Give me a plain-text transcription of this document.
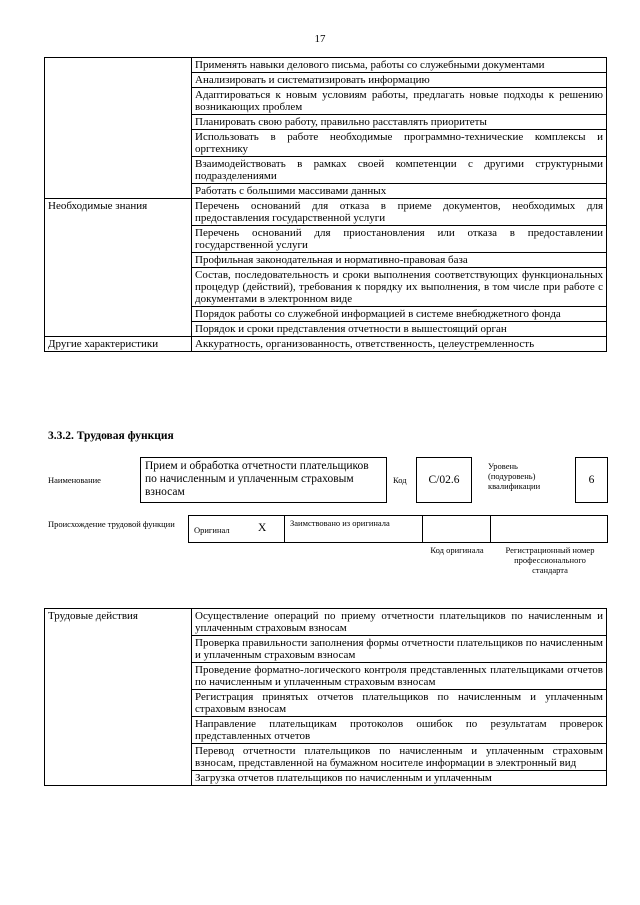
17
	Применять навыки делового письма, работы со служебными документами
	Анализировать и систематизировать информацию
	Адаптироваться к новым условиям работы, предлагать новые подходы к решению возникающих проблем
	Планировать свою работу, правильно расставлять приоритеты
	Использовать в работе необходимые программно-технические комплексы и оргтехнику
	Взаимодействовать в рамках своей компетенции с другими структурными подразделениями
	Работать с большими массивами данных
Необходимые знания	Перечень оснований для отказа в приеме документов, необходимых для предоставления государственной услуги
	Перечень оснований для приостановления или отказа в предоставлении государственной услуги
	Профильная законодательная и нормативно-правовая база
	Состав, последовательность и сроки выполнения соответствующих функциональных процедур (действий), требования к порядку их выполнения, в том числе при работе с документами в электронном виде
	Порядок работы со служебной информацией в системе внебюджетного фонда
	Порядок и сроки представления отчетности в вышестоящий орган
Другие характеристики	Аккуратность, организованность, ответственность, целеустремленность
3.3.2. Трудовая функция
Наименование
Прием и обработка отчетности плательщиков по начисленным и уплаченным страховым взносам
Код	С/02.6
Уровень (подуровень) квалификации
6
Происхождение трудовой функции
Оригинал X	Заимствовано из оригинала
Код оригинала	Регистрационный номер профессионального стандарта
Трудовые действия	Осуществление операций по приему отчетности плательщиков по начисленным и уплаченным страховым взносам
Проверка правильности заполнения формы отчетности плательщиков по начисленным и уплаченным страховым взносам
Проведение форматно-логического контроля представленных плательщиками отчетов по начисленным и уплаченным страховым взносам
Регистрация принятых отчетов плательщиков по начисленным и уплаченным страховым взносам
Направление плательщикам протоколов ошибок по результатам проверок представленных отчетов
Перевод отчетности плательщиков по начисленным и уплаченным страховым взносам, представленной на бумажном носителе информации в электронный вид
Загрузка отчетов плательщиков по начисленным и уплаченным
